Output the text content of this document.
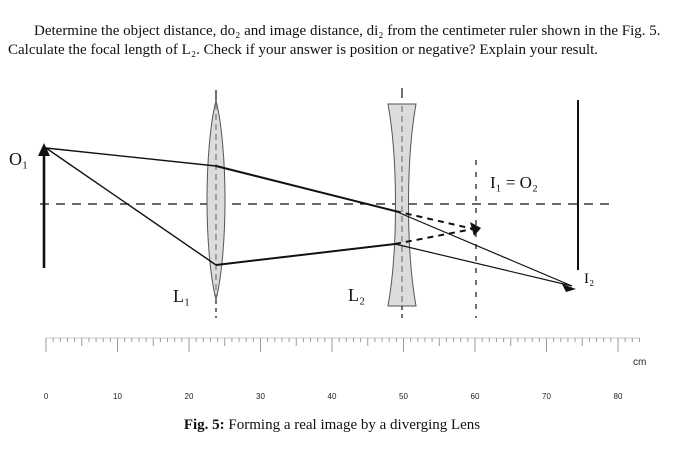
Determine the object distance, do₂ and image distance, di₂ from the centimeter ruler shown in the Fig. 5. Calculate the focal length of L₂. Check if your answer is position or negative? Explain your result.
O₁
L₁	L₂
I₁ = O₂
I₂
0	10	20	30	40	50	60	70	80
cm
Fig. 5: Forming a real image by a diverging Lens
